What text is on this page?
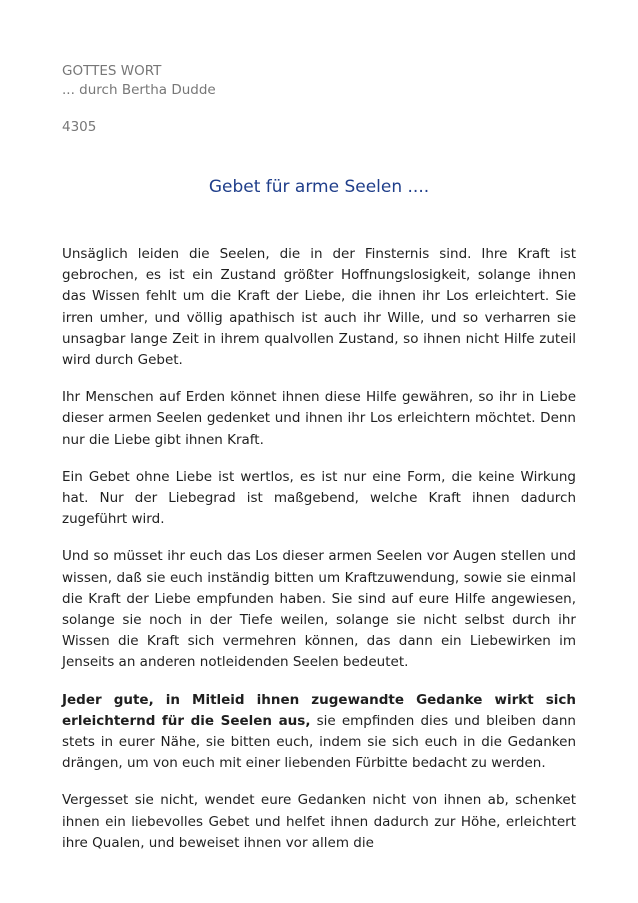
GOTTES WORT
... durch Bertha Dudde
4305
Gebet für arme Seelen ....

Unsäglich leiden die Seelen, die in der Finsternis sind. Ihre Kraft ist gebrochen, es ist ein Zustand größter Hoffnungslosigkeit, solange ihnen das Wissen fehlt um die Kraft der Liebe, die ihnen ihr Los erleichtert. Sie irren umher, und völlig apathisch ist auch ihr Wille, und so verharren sie unsagbar lange Zeit in ihrem qualvollen Zustand, so ihnen nicht Hilfe zuteil wird durch Gebet.

Ihr Menschen auf Erden könnet ihnen diese Hilfe gewähren, so ihr in Liebe dieser armen Seelen gedenket und ihnen ihr Los erleichtern möchtet. Denn nur die Liebe gibt ihnen Kraft.

Ein Gebet ohne Liebe ist wertlos, es ist nur eine Form, die keine Wirkung hat. Nur der Liebegrad ist maßgebend, welche Kraft ihnen dadurch zugeführt wird.

Und so müsset ihr euch das Los dieser armen Seelen vor Augen stellen und wissen, daß sie euch inständig bitten um Kraftzuwendung, sowie sie einmal die Kraft der Liebe empfunden haben. Sie sind auf eure Hilfe angewiesen, solange sie noch in der Tiefe weilen, solange sie nicht selbst durch ihr Wissen die Kraft sich vermehren können, das dann ein Liebewirken im Jenseits an anderen notleidenden Seelen bedeutet.

Jeder gute, in Mitleid ihnen zugewandte Gedanke wirkt sich erleichternd für die Seelen aus, sie empfinden dies und bleiben dann stets in eurer Nähe, sie bitten euch, indem sie sich euch in die Gedanken drängen, um von euch mit einer liebenden Fürbitte bedacht zu werden.

Vergesset sie nicht, wendet eure Gedanken nicht von ihnen ab, schenket ihnen ein liebevolles Gebet und helfet ihnen dadurch zur Höhe, erleichtert ihre Qualen, und beweiset ihnen vor allem die
